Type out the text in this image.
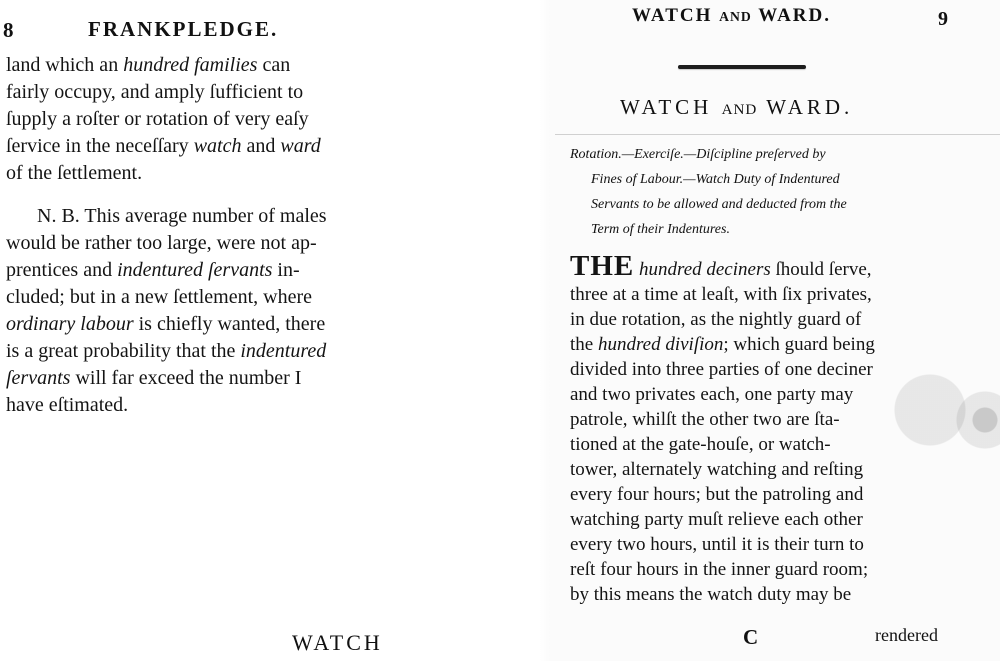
8	FRANKPLEDGE.
land which an hundred families can
fairly occupy, and amply ſufficient to
ſupply a roſter or rotation of very eaſy
ſervice in the neceſſary watch and ward
of the ſettlement.
N. B. This average number of males
would be rather too large, were not ap-
prentices and indentured ſervants in-
cluded; but in a new ſettlement, where
ordinary labour is chiefly wanted, there
is a great probability that the indentured
ſervants will far exceed the number I
have eſtimated.
WATCH
WATCH AND WARD.	9
WATCH AND WARD.
Rotation.—Exerciſe.—Diſcipline preſerved by
Fines of Labour.—Watch Duty of Indentured
Servants to be allowed and deducted from the
Term of their Indentures.
THE hundred deciners ſhould ſerve,
three at a time at leaſt, with ſix privates,
in due rotation, as the nightly guard of
the hundred diviſion; which guard being
divided into three parties of one deciner
and two privates each, one party may
patrole, whilſt the other two are ſta-
tioned at the gate-houſe, or watch-
tower, alternately watching and reſting
every four hours; but the patroling and
watching party muſt relieve each other
every two hours, until it is their turn to
reſt four hours in the inner guard room;
by this means the watch duty may be
C	rendered
